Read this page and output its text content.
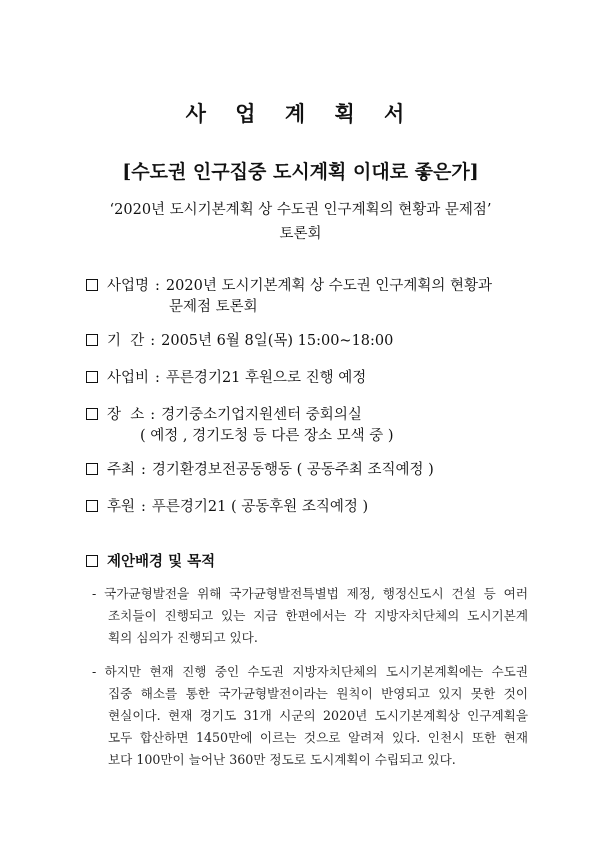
사 업 계 획 서
[수도권 인구집중 도시계획 이대로 좋은가]
‘2020년 도시기본계획 상 수도권 인구계획의 현황과 문제점’
토론회
사업명 : 2020년 도시기본계획 상 수도권 인구계획의 현황과
문제점 토론회
기  간 : 2005년 6월 8일(목) 15:00~18:00
사업비 : 푸른경기21 후원으로 진행 예정
장  소 : 경기중소기업지원센터 중회의실
( 예정 , 경기도청 등 다른 장소 모색 중 )
주최 : 경기환경보전공동행동 ( 공동주최 조직예정 )
후원 : 푸른경기21 ( 공동후원 조직예정 )
제안배경 및 목적
- 국가균형발전을 위해 국가균형발전특별법 제정, 행정신도시 건설 등 여러
조치들이 진행되고 있는 지금 한편에서는 각 지방자치단체의 도시기본계
획의 심의가 진행되고 있다.
- 하지만 현재 진행 중인 수도권 지방자치단체의 도시기본계획에는 수도권
집중 해소를 통한 국가균형발전이라는 원칙이 반영되고 있지 못한 것이
현실이다. 현재 경기도 31개 시군의 2020년 도시기본계획상 인구계획을
모두 합산하면 1450만에 이르는 것으로 알려져 있다. 인천시 또한 현재
보다 100만이 늘어난 360만 정도로 도시계획이 수립되고 있다.
